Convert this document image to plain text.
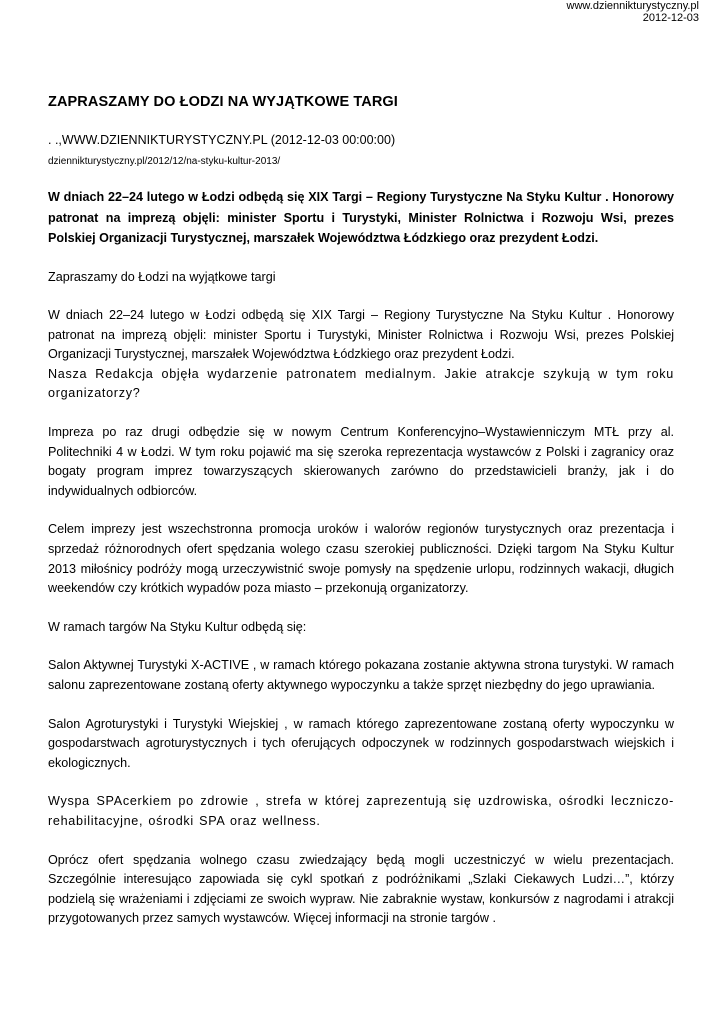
www.dziennikturystyczny.pl
2012-12-03
ZAPRASZAMY DO ŁODZI NA WYJĄTKOWE TARGI
. .,WWW.DZIENNIKTURYSTYCZNY.PL (2012-12-03 00:00:00)
dziennikturystyczny.pl/2012/12/na-styku-kultur-2013/
W dniach 22–24 lutego w Łodzi odbędą się XIX Targi – Regiony Turystyczne Na Styku Kultur . Honorowy patronat na imprezą objęli: minister Sportu i Turystyki, Minister Rolnictwa i Rozwoju Wsi, prezes Polskiej Organizacji Turystycznej, marszałek Województwa Łódzkiego oraz prezydent Łodzi.
Zapraszamy do Łodzi na wyjątkowe targi
W dniach 22–24 lutego w Łodzi odbędą się XIX Targi – Regiony Turystyczne Na Styku Kultur . Honorowy patronat na imprezą objęli: minister Sportu i Turystyki, Minister Rolnictwa i Rozwoju Wsi, prezes Polskiej Organizacji Turystycznej, marszałek Województwa Łódzkiego oraz prezydent Łodzi.
Nasza Redakcja objęła wydarzenie patronatem medialnym. Jakie atrakcje szykują w tym roku organizatorzy?
Impreza po raz drugi odbędzie się w nowym Centrum Konferencyjno–Wystawienniczym MTŁ przy al. Politechniki 4 w Łodzi. W tym roku pojawić ma się szeroka reprezentacja wystawców z Polski i zagranicy oraz bogaty program imprez towarzyszących skierowanych zarówno do przedstawicieli branży, jak i do indywidualnych odbiorców.
Celem imprezy jest wszechstronna promocja uroków i walorów regionów turystycznych oraz prezentacja i sprzedaż różnorodnych ofert spędzania wolego czasu szerokiej publiczności. Dzięki targom Na Styku Kultur 2013 miłośnicy podróży mogą urzeczywistnić swoje pomysły na spędzenie urlopu, rodzinnych wakacji, długich weekendów czy krótkich wypadów poza miasto – przekonują organizatorzy.
W ramach targów Na Styku Kultur odbędą się:
Salon Aktywnej Turystyki X-ACTIVE , w ramach którego pokazana zostanie aktywna strona turystyki. W ramach salonu zaprezentowane zostaną oferty aktywnego wypoczynku a także sprzęt niezbędny do jego uprawiania.
Salon Agroturystyki i Turystyki Wiejskiej , w ramach którego zaprezentowane zostaną oferty wypoczynku w gospodarstwach agroturystycznych i tych oferujących odpoczynek w rodzinnych gospodarstwach wiejskich i ekologicznych.
Wyspa SPAcerkiem po zdrowie , strefa w której zaprezentują się uzdrowiska, ośrodki leczniczo-rehabilitacyjne, ośrodki SPA oraz wellness.
Oprócz ofert spędzania wolnego czasu zwiedzający będą mogli uczestniczyć w wielu prezentacjach. Szczególnie interesująco zapowiada się cykl spotkań z podróżnikami „Szlaki Ciekawych Ludzi…”, którzy podzielą się wrażeniami i zdjęciami ze swoich wypraw. Nie zabraknie wystaw, konkursów z nagrodami i atrakcji przygotowanych przez samych wystawców. Więcej informacji na stronie targów .
